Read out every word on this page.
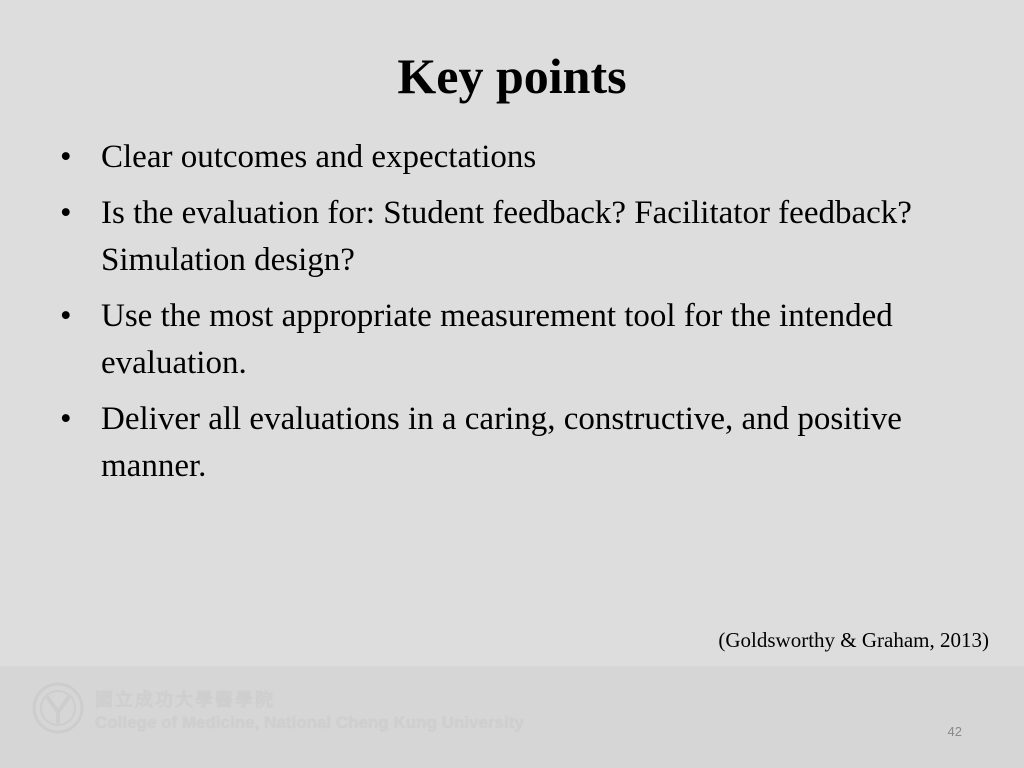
Key points
• Clear outcomes and expectations
• Is the evaluation for: Student feedback? Facilitator feedback? Simulation design?
• Use the most appropriate measurement tool for the intended evaluation.
• Deliver all evaluations in a caring, constructive, and positive manner.
(Goldsworthy & Graham, 2013)
國立成功大學醫學院
College of Medicine, National Cheng Kung University	42
